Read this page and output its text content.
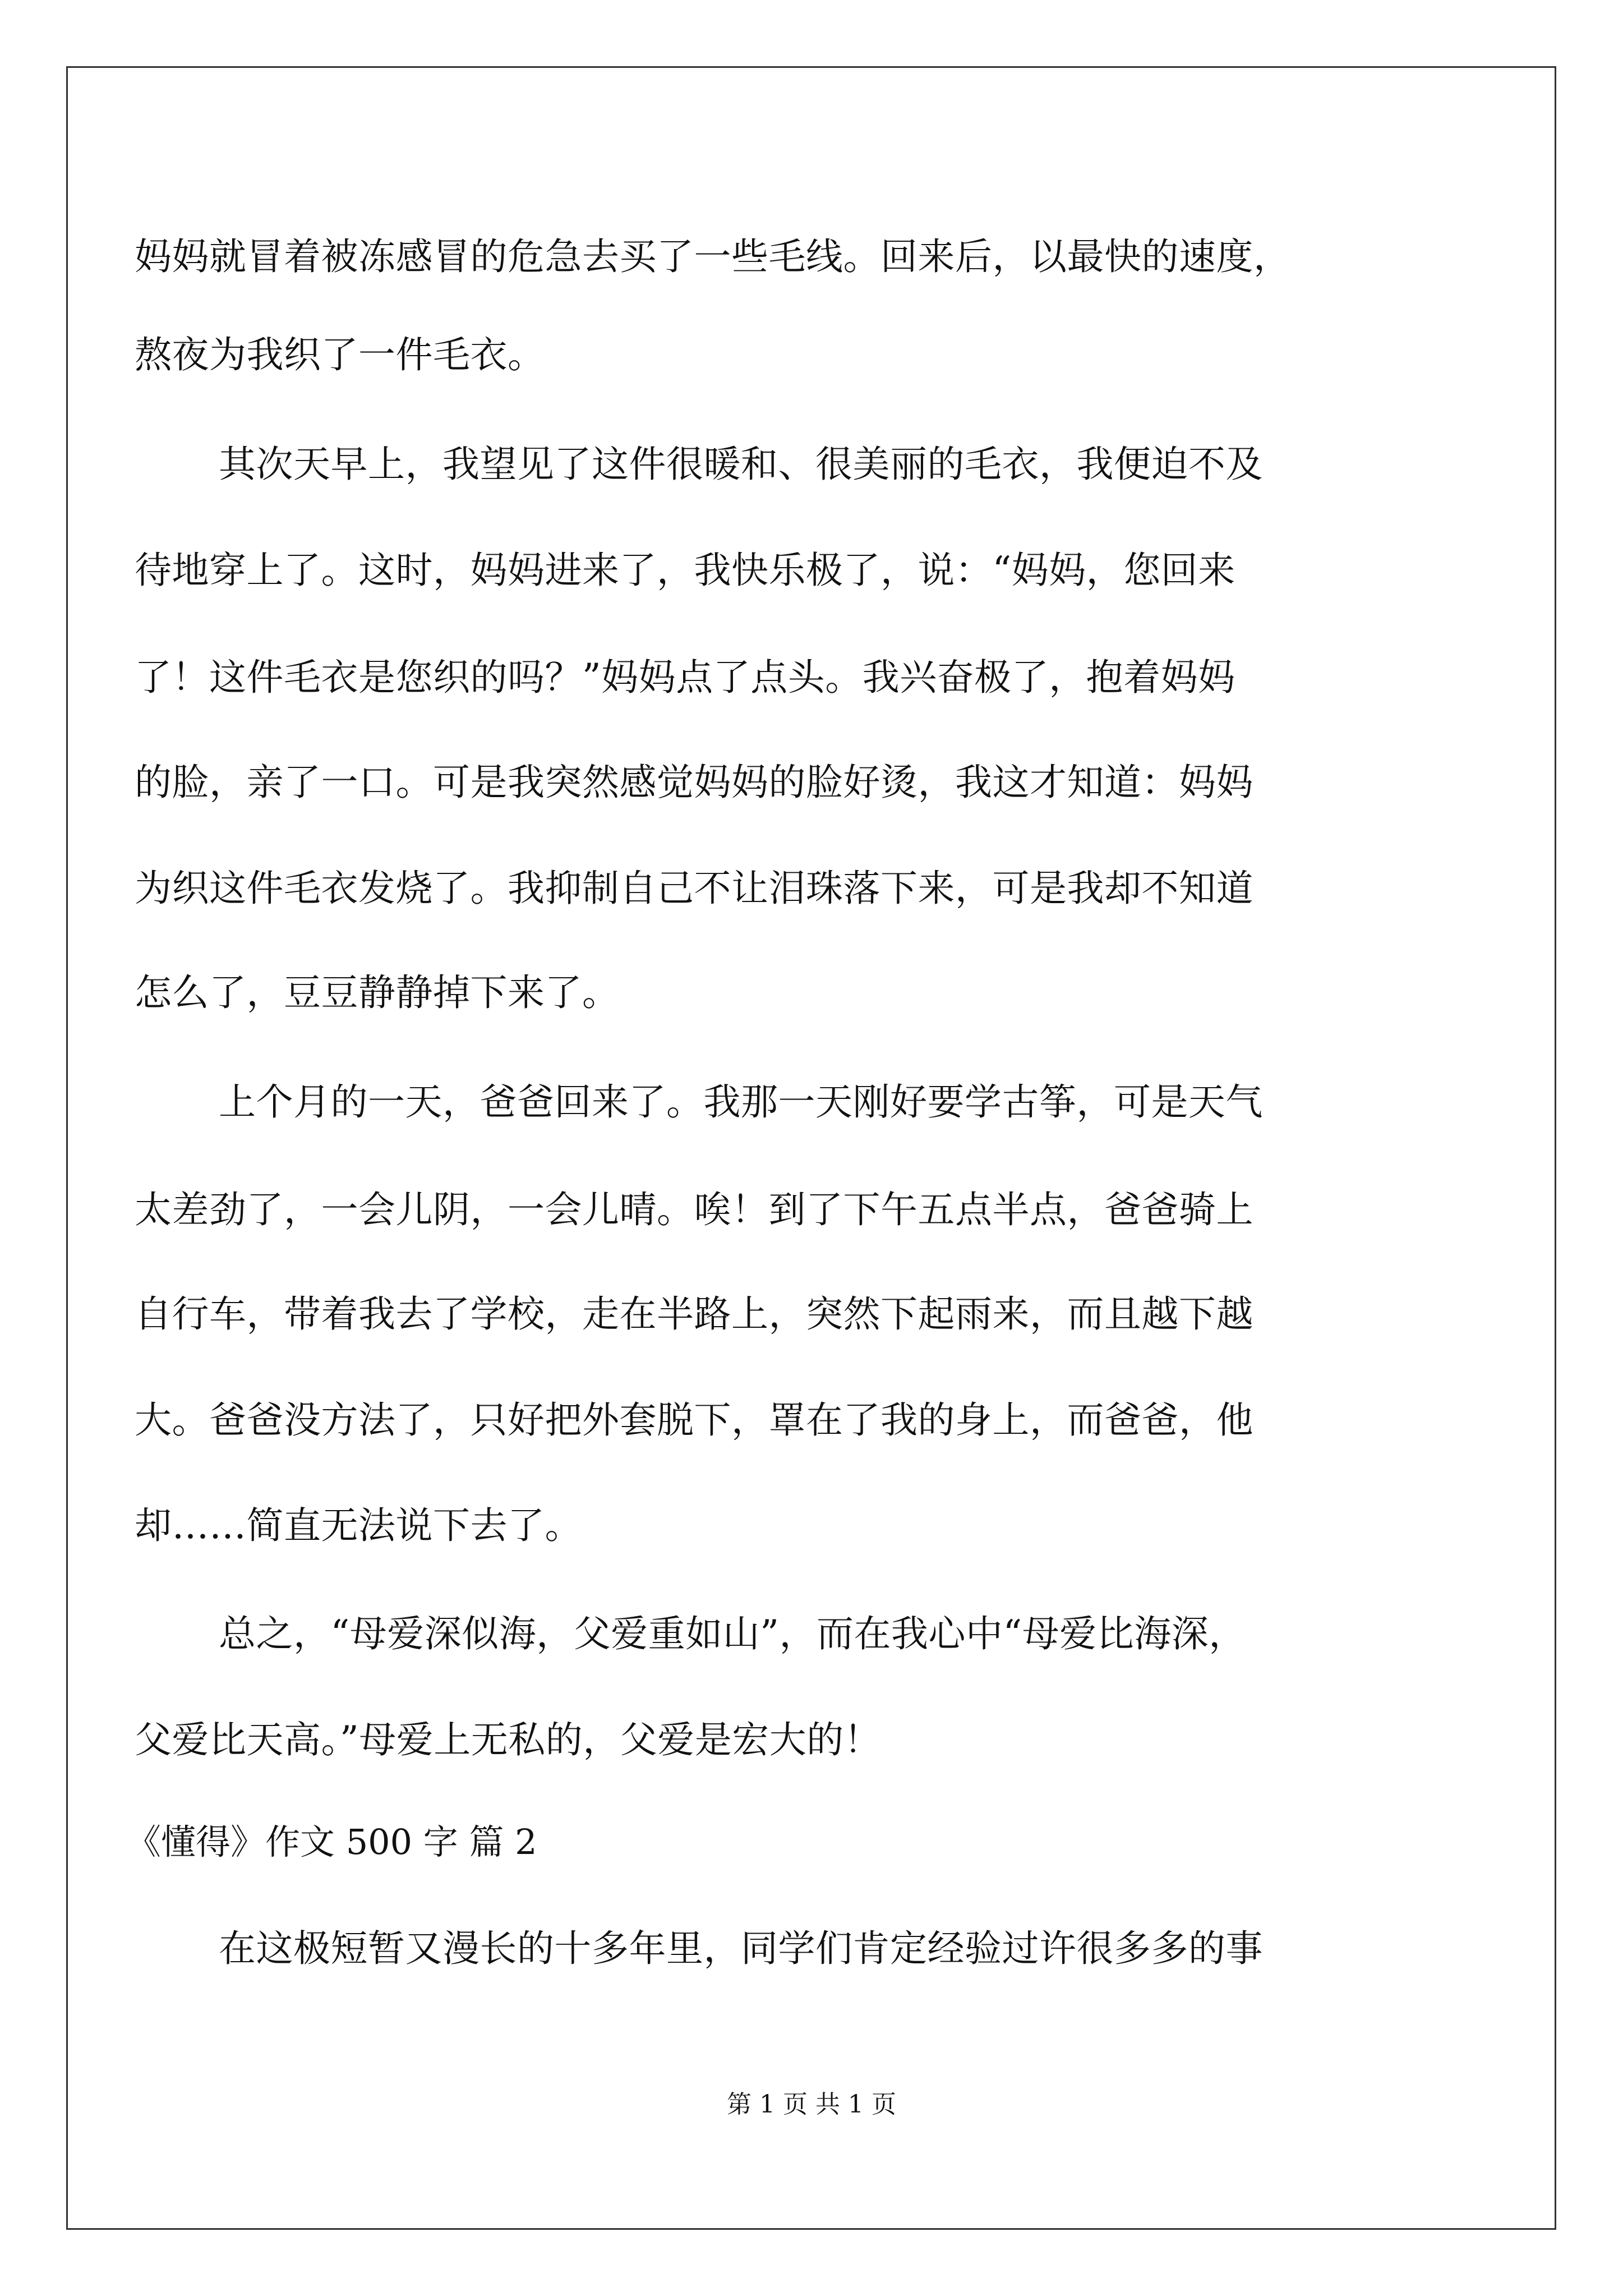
妈妈就冒着被冻感冒的危急去买了一些毛线。回来后，以最快的速度，
熬夜为我织了一件毛衣。
其次天早上，我望见了这件很暖和、很美丽的毛衣，我便迫不及
待地穿上了。这时，妈妈进来了，我快乐极了，说：“妈妈，您回来
了！这件毛衣是您织的吗？”妈妈点了点头。我兴奋极了，抱着妈妈
的脸，亲了一口。可是我突然感觉妈妈的脸好烫，我这才知道：妈妈
为织这件毛衣发烧了。我抑制自己不让泪珠落下来，可是我却不知道
怎么了，豆豆静静掉下来了。
上个月的一天，爸爸回来了。我那一天刚好要学古筝，可是天气
太差劲了，一会儿阴，一会儿晴。唉！到了下午五点半点，爸爸骑上
自行车，带着我去了学校，走在半路上，突然下起雨来，而且越下越
大。爸爸没方法了，只好把外套脱下，罩在了我的身上，而爸爸，他
却……简直无法说下去了。
总之，“母爱深似海，父爱重如山”，而在我心中“母爱比海深，
父爱比天高。”母爱上无私的，父爱是宏大的！
在这极短暂又漫长的十多年里，同学们肯定经验过许很多多的事
《懂得》作文 500 字 篇 2
第 1 页 共 1 页
